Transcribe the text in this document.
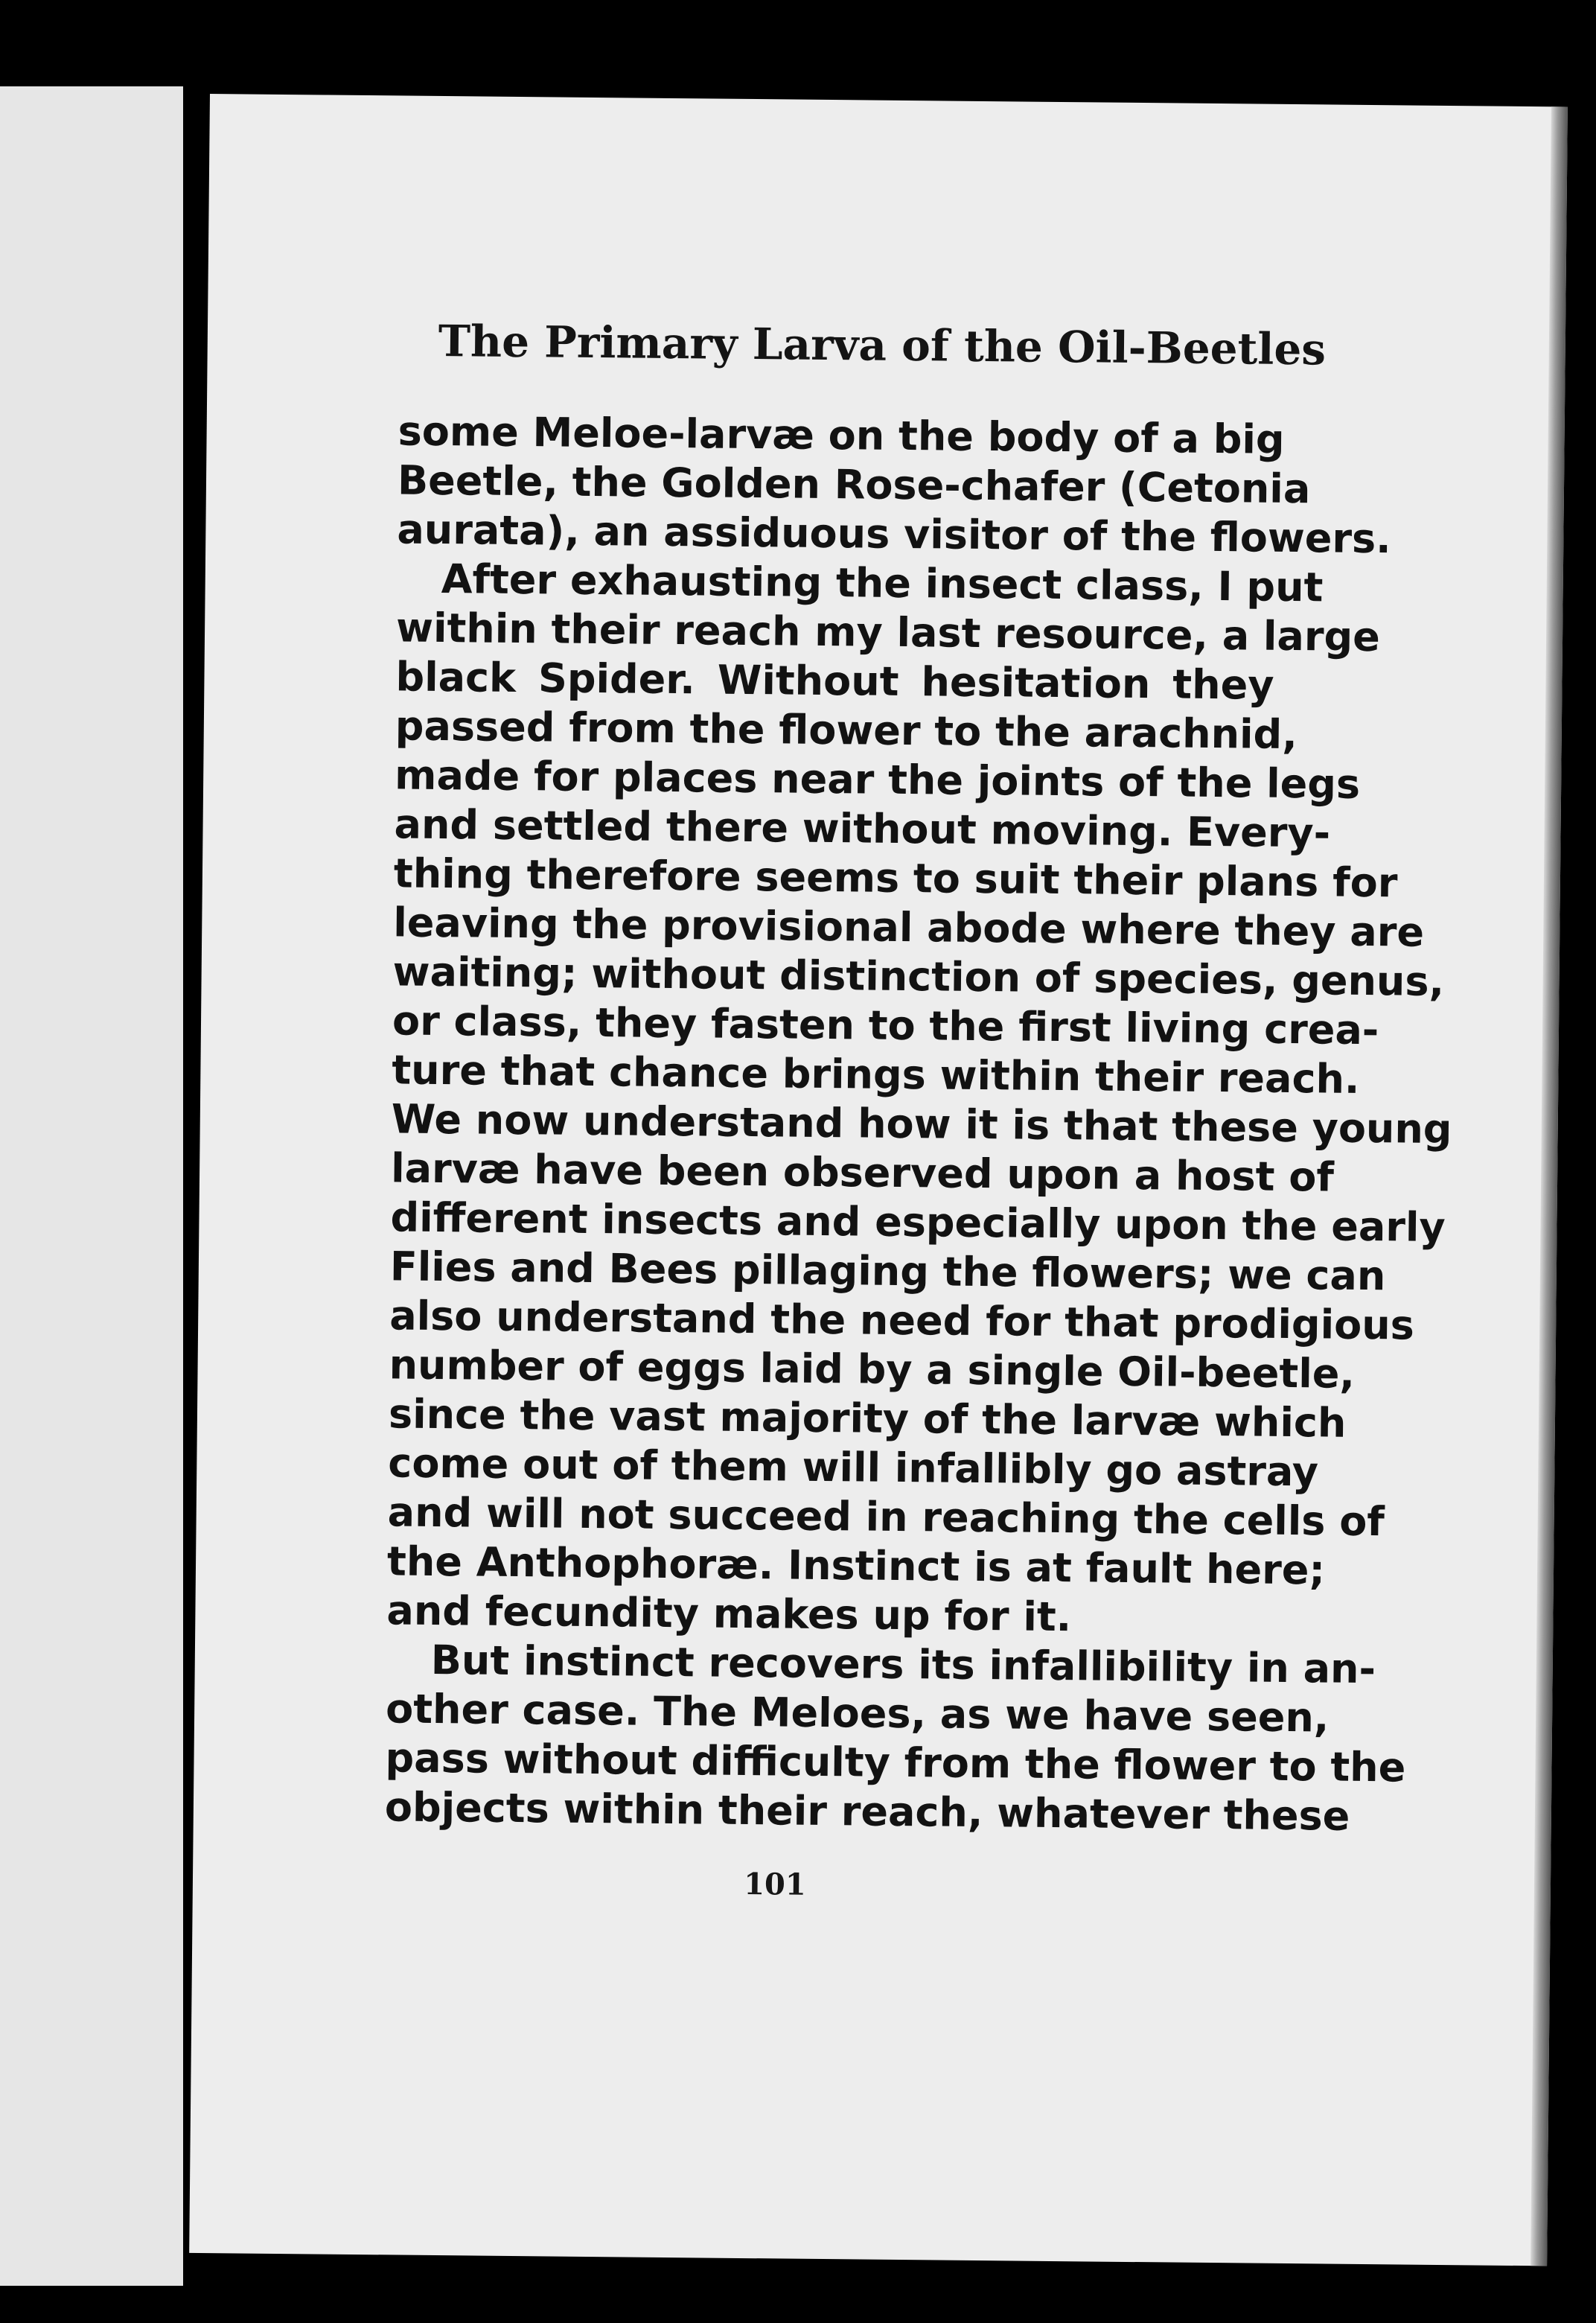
The Primary Larva of the Oil-Beetles
some Meloe-larvæ on the body of a big
Beetle, the Golden Rose-chafer (Cetonia
aurata), an assiduous visitor of the flowers.
After exhausting the insect class, I put
within their reach my last resource, a large
black Spider. Without hesitation they
passed from the flower to the arachnid,
made for places near the joints of the legs
and settled there without moving. Every-
thing therefore seems to suit their plans for
leaving the provisional abode where they are
waiting; without distinction of species, genus,
or class, they fasten to the first living crea-
ture that chance brings within their reach.
We now understand how it is that these young
larvæ have been observed upon a host of
different insects and especially upon the early
Flies and Bees pillaging the flowers; we can
also understand the need for that prodigious
number of eggs laid by a single Oil-beetle,
since the vast majority of the larvæ which
come out of them will infallibly go astray
and will not succeed in reaching the cells of
the Anthophoræ. Instinct is at fault here;
and fecundity makes up for it.
But instinct recovers its infallibility in an-
other case. The Meloes, as we have seen,
pass without difficulty from the flower to the
objects within their reach, whatever these
101
